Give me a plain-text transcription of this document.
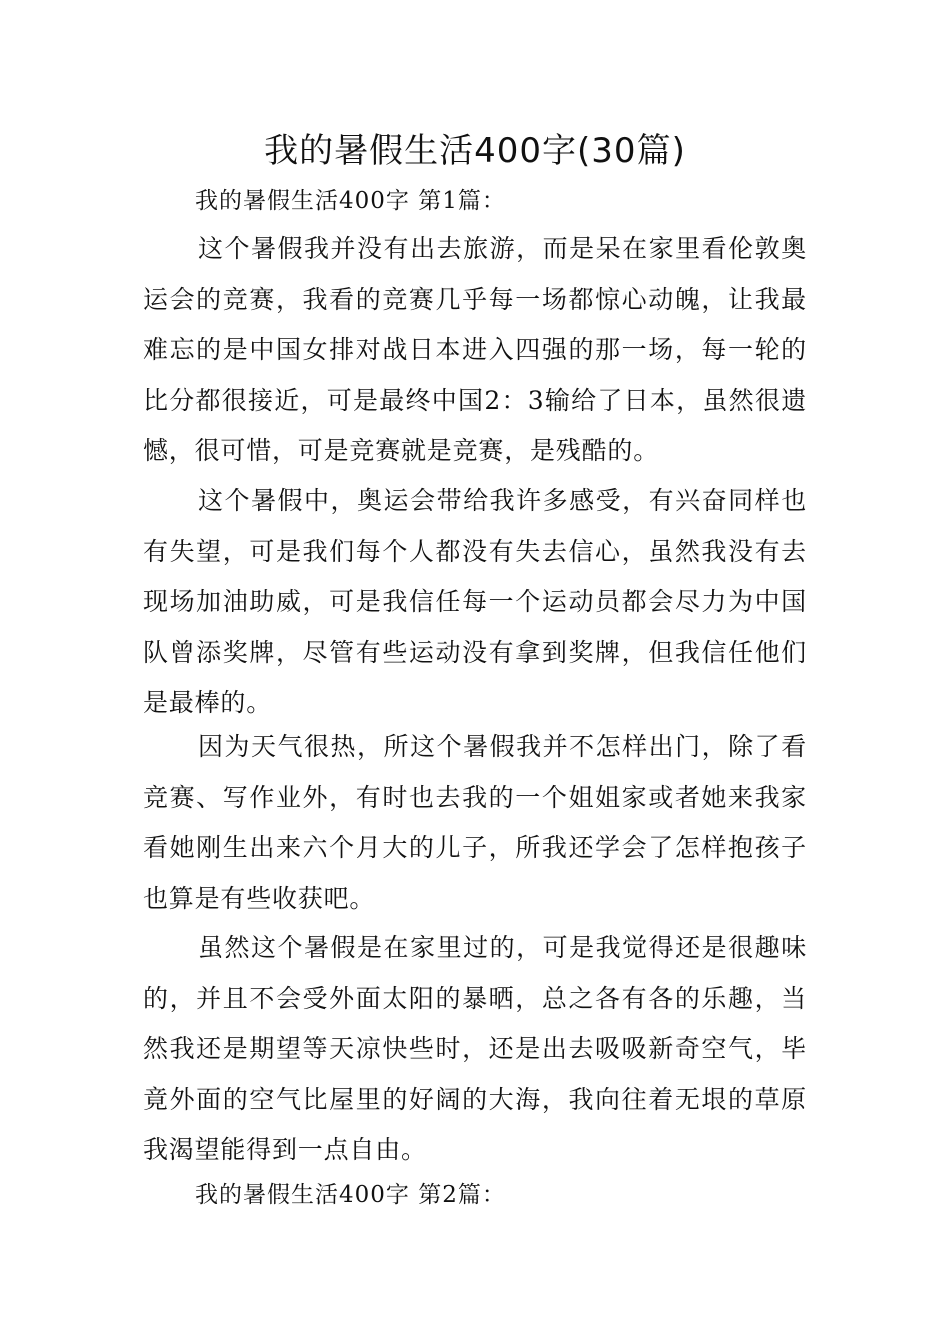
我的暑假生活400字(30篇)
我的暑假生活400字 第1篇：

这个暑假我并没有出去旅游，而是呆在家里看伦敦奥运会的竞赛，我看的竞赛几乎每一场都惊心动魄，让我最难忘的是中国女排对战日本进入四强的那一场，每一轮的比分都很接近，可是最终中国2：3输给了日本，虽然很遗憾，很可惜，可是竞赛就是竞赛，是残酷的。

这个暑假中，奥运会带给我许多感受，有兴奋同样也有失望，可是我们每个人都没有失去信心，虽然我没有去现场加油助威，可是我信任每一个运动员都会尽力为中国队曾添奖牌，尽管有些运动没有拿到奖牌，但我信任他们是最棒的。

因为天气很热，所这个暑假我并不怎样出门，除了看竞赛、写作业外，有时也去我的一个姐姐家或者她来我家看她刚生出来六个月大的儿子，所我还学会了怎样抱孩子也算是有些收获吧。

虽然这个暑假是在家里过的，可是我觉得还是很趣味的，并且不会受外面太阳的暴晒，总之各有各的乐趣，当然我还是期望等天凉快些时，还是出去吸吸新奇空气，毕竟外面的空气比屋里的好阔的大海，我向往着无垠的草原我渴望能得到一点自由。

我的暑假生活400字 第2篇：
